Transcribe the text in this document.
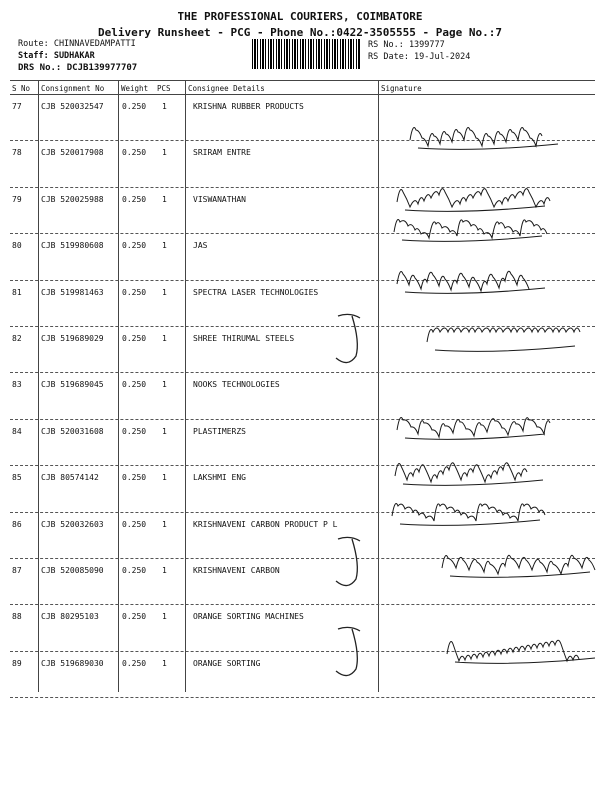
THE PROFESSIONAL COURIERS, COIMBATORE
Delivery Runsheet - PCG - Phone No.:0422-3505555 - Page No.:7
Route: CHINNAVEDAMPATTI
Staff: SUDHAKAR
DRS No.: DCJB139977707
RS No.: 1399777
RS Date: 19-Jul-2024
S No Consignment No Weight PCS Consignee Details	Signature
77 CJB 520032547 0.250 1	KRISHNA RUBBER PRODUCTS
78 CJB 520017908 0.250 1	SRIRAM ENTRE
79 CJB 520025988 0.250 1	VISWANATHAN
80 CJB 519980608 0.250 1	JAS
81 CJB 519981463 0.250 1	SPECTRA LASER TECHNOLOGIES
82 CJB 519689029 0.250 1	SHREE THIRUMAL STEELS
83 CJB 519689045 0.250 1	NOOKS TECHNOLOGIES
84 CJB 520031608 0.250 1	PLASTIMERZS
85 CJB 80574142	0.250 1	LAKSHMI ENG
86 CJB 520032603 0.250 1	KRISHNAVENI CARBON PRODUCT P L
87 CJB 520085090 0.250 1	KRISHNAVENI CARBON
88 CJB 80295103	0.250 1	ORANGE SORTING MACHINES
89 CJB 519689030 0.250 1	ORANGE SORTING
